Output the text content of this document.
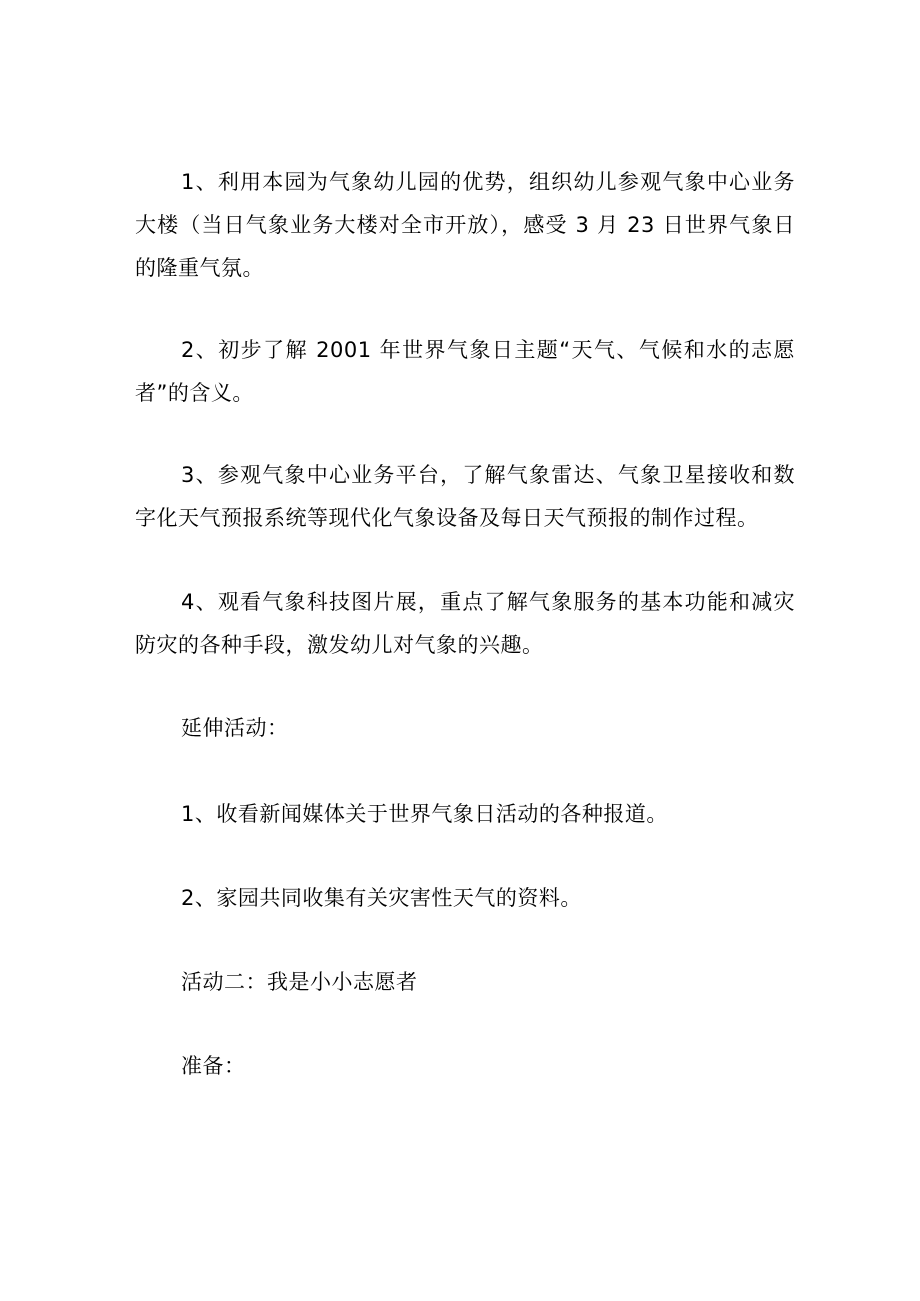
1、利用本园为气象幼儿园的优势，组织幼儿参观气象中心业务大楼（当日气象业务大楼对全市开放），感受 3 月 23 日世界气象日的隆重气氛。

2、初步了解 2001 年世界气象日主题“天气、气候和水的志愿者”的含义。

3、参观气象中心业务平台，了解气象雷达、气象卫星接收和数字化天气预报系统等现代化气象设备及每日天气预报的制作过程。

4、观看气象科技图片展，重点了解气象服务的基本功能和减灾防灾的各种手段，激发幼儿对气象的兴趣。

延伸活动：

1、收看新闻媒体关于世界气象日活动的各种报道。

2、家园共同收集有关灾害性天气的资料。

活动二：我是小小志愿者

准备：
